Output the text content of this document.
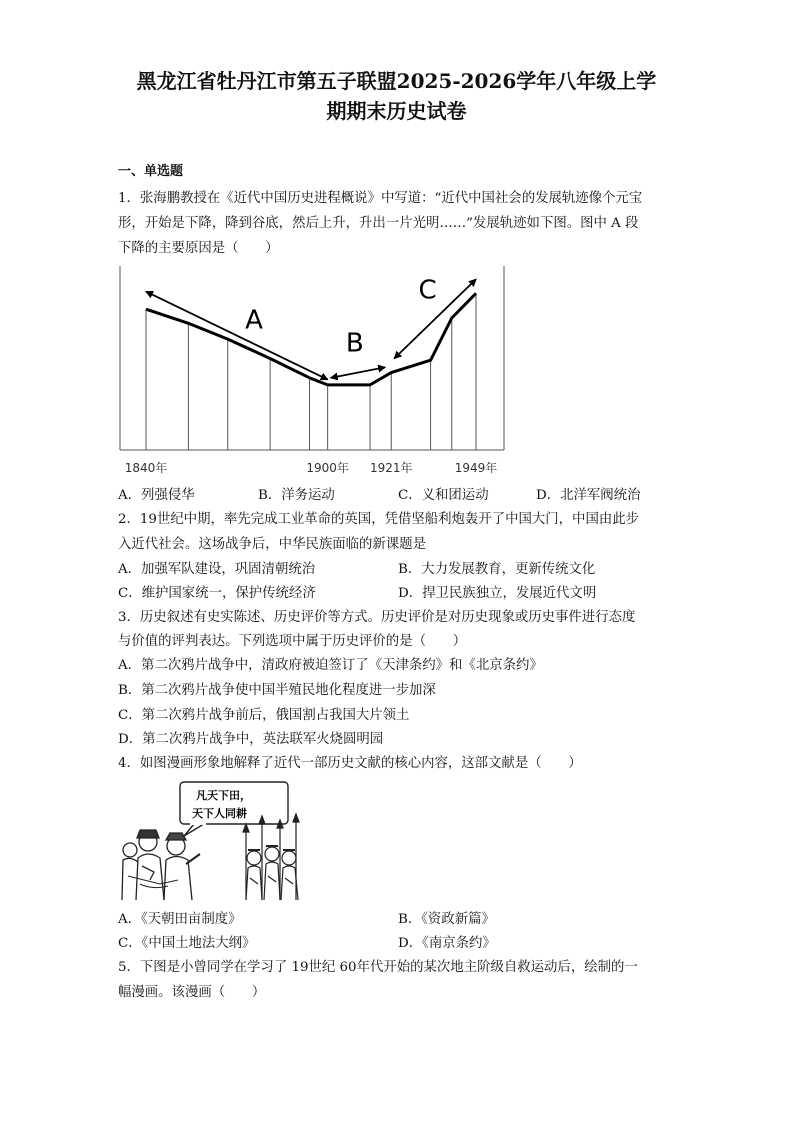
黑龙江省牡丹江市第五子联盟2025-2026学年八年级上学
期期末历史试卷
一、单选题
1．张海鹏教授在《近代中国历史进程概说》中写道：“近代中国社会的发展轨迹像个元宝
形，开始是下降，降到谷底，然后上升，升出一片光明……”发展轨迹如下图。图中 A 段
下降的主要原因是（　　）
A
B
C
1840年	1900年 1921年	1949年
A．列强侵华	B．洋务运动	C．义和团运动	D．北洋军阀统治
2．19世纪中期，率先完成工业革命的英国，凭借坚船利炮轰开了中国大门，中国由此步
入近代社会。这场战争后，中华民族面临的新课题是
A．加强军队建设，巩固清朝统治	B．大力发展教育，更新传统文化
C．维护国家统一，保护传统经济	D．捍卫民族独立，发展近代文明
3．历史叙述有史实陈述、历史评价等方式。历史评价是对历史现象或历史事件进行态度
与价值的评判表达。下列选项中属于历史评价的是（　　）
A．第二次鸦片战争中，清政府被迫签订了《天津条约》和《北京条约》
B．第二次鸦片战争使中国半殖民地化程度进一步加深
C．第二次鸦片战争前后，俄国割占我国大片领土
D．第二次鸦片战争中，英法联军火烧圆明园
4．如图漫画形象地解释了近代一部历史文献的核心内容，这部文献是（　　）
凡天下田，
天下人同耕
A．《天朝田亩制度》	B．《资政新篇》
C．《中国土地法大纲》	D．《南京条约》
5．下图是小曾同学在学习了 19世纪 60年代开始的某次地主阶级自救运动后，绘制的一
幅漫画。该漫画（　　）
